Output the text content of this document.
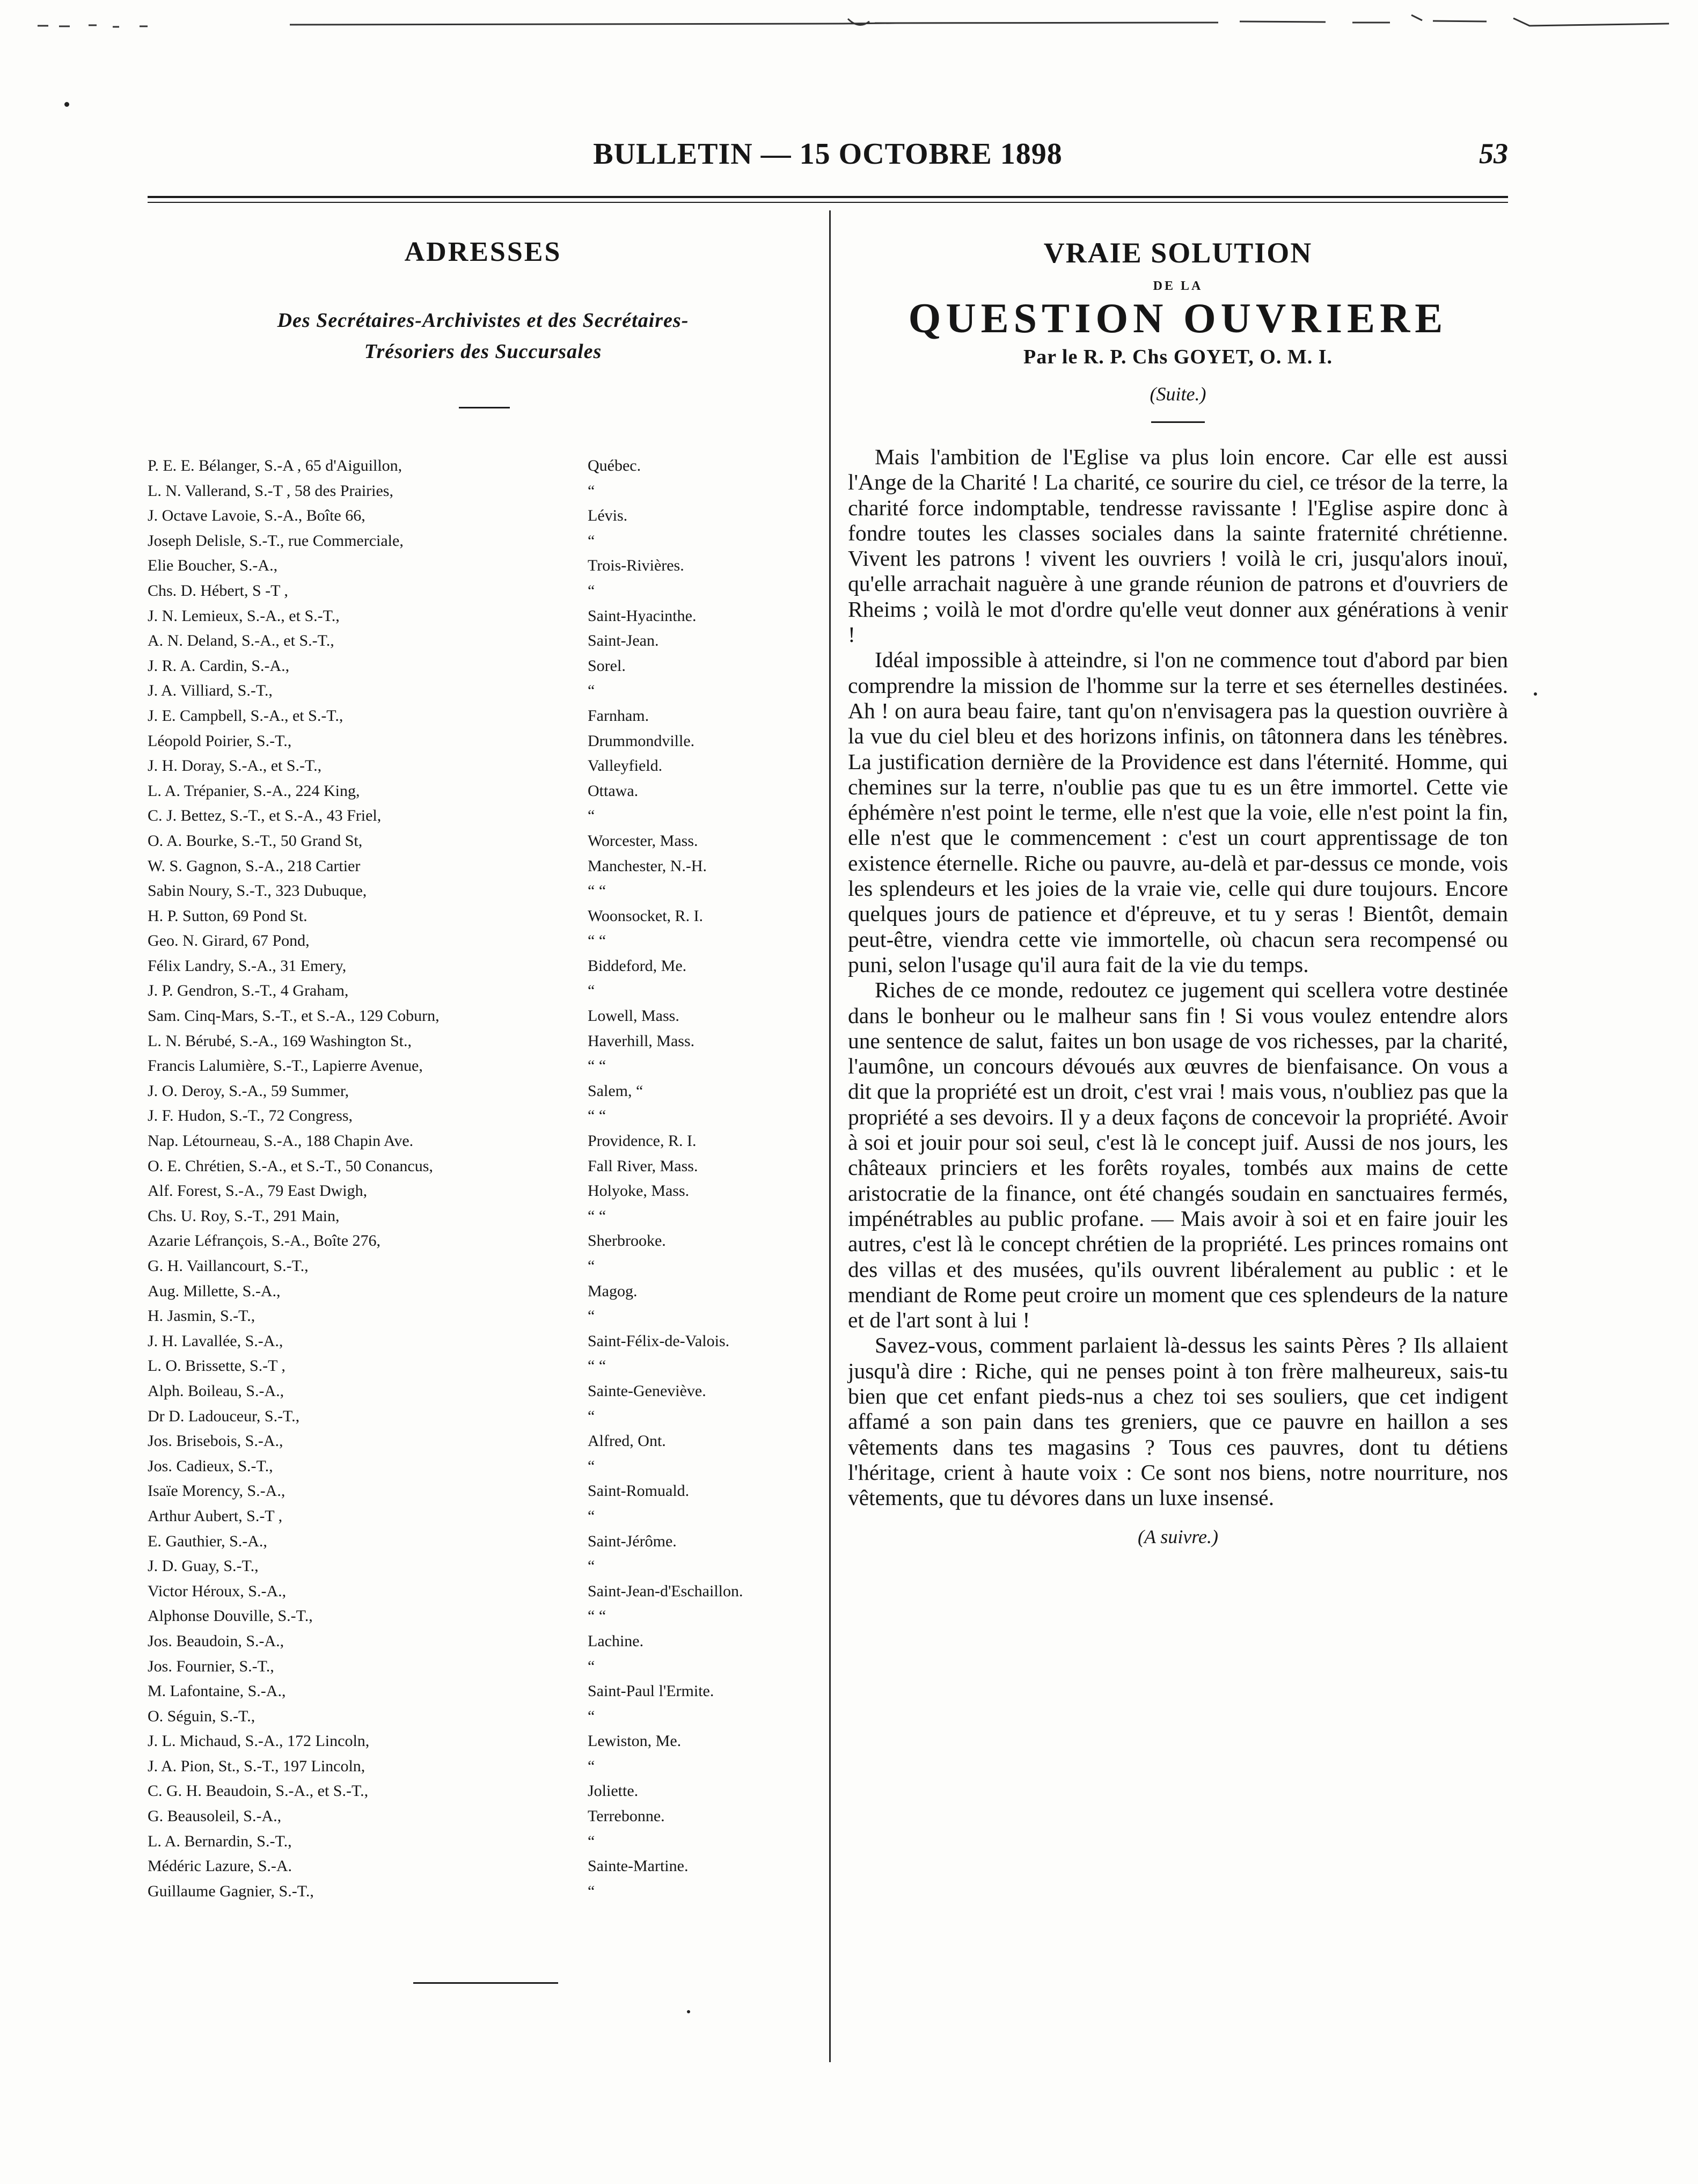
BULLETIN — 15 OCTOBRE 1898	53
ADRESSES
Des Secrétaires-Archivistes et des Secrétaires-
Trésoriers des Succursales
P. E. E. Bélanger, S.-A , 65 d'Aiguillon,	Québec.
L. N. Vallerand, S.-T , 58 des Prairies,	“
J. Octave Lavoie, S.-A., Boîte 66,	Lévis.
Joseph Delisle, S.-T., rue Commerciale,	“
Elie Boucher, S.-A.,	Trois-Rivières.
Chs. D. Hébert, S -T ,	“
J. N. Lemieux, S.-A., et S.-T.,	Saint-Hyacinthe.
A. N. Deland, S.-A., et S.-T.,	Saint-Jean.
J. R. A. Cardin, S.-A.,	Sorel.
J. A. Villiard, S.-T.,	“
J. E. Campbell, S.-A., et S.-T.,	Farnham.
Léopold Poirier, S.-T.,	Drummondville.
J. H. Doray, S.-A., et S.-T.,	Valleyfield.
L. A. Trépanier, S.-A., 224 King,	Ottawa.
C. J. Bettez, S.-T., et S.-A., 43 Friel,	“
O. A. Bourke, S.-T., 50 Grand St,	Worcester, Mass.
W. S. Gagnon, S.-A., 218 Cartier	Manchester, N.-H.
Sabin Noury, S.-T., 323 Dubuque,	“ “
H. P. Sutton, 69 Pond St.	Woonsocket, R. I.
Geo. N. Girard, 67 Pond,	“ “
Félix Landry, S.-A., 31 Emery,	Biddeford, Me.
J. P. Gendron, S.-T., 4 Graham,	“
Sam. Cinq-Mars, S.-T., et S.-A., 129 Coburn,	Lowell, Mass.
L. N. Bérubé, S.-A., 169 Washington St.,	Haverhill, Mass.
Francis Lalumière, S.-T., Lapierre Avenue,	“ “
J. O. Deroy, S.-A., 59 Summer,	Salem, “
J. F. Hudon, S.-T., 72 Congress,	“ “
Nap. Létourneau, S.-A., 188 Chapin Ave.	Providence, R. I.
O. E. Chrétien, S.-A., et S.-T., 50 Conancus,	Fall River, Mass.
Alf. Forest, S.-A., 79 East Dwigh,	Holyoke, Mass.
Chs. U. Roy, S.-T., 291 Main,	“ “
Azarie Léfrançois, S.-A., Boîte 276,	Sherbrooke.
G. H. Vaillancourt, S.-T.,	“
Aug. Millette, S.-A.,	Magog.
H. Jasmin, S.-T.,	“
J. H. Lavallée, S.-A.,	Saint-Félix-de-Valois.
L. O. Brissette, S.-T ,	“ “
Alph. Boileau, S.-A.,	Sainte-Geneviève.
Dr D. Ladouceur, S.-T.,	“
Jos. Brisebois, S.-A.,	Alfred, Ont.
Jos. Cadieux, S.-T.,	“
Isaïe Morency, S.-A.,	Saint-Romuald.
Arthur Aubert, S.-T ,	“
E. Gauthier, S.-A.,	Saint-Jérôme.
J. D. Guay, S.-T.,	“
Victor Héroux, S.-A.,	Saint-Jean-d'Eschaillon.
Alphonse Douville, S.-T.,	“ “
Jos. Beaudoin, S.-A.,	Lachine.
Jos. Fournier, S.-T.,	“
M. Lafontaine, S.-A.,	Saint-Paul l'Ermite.
O. Séguin, S.-T.,	“
J. L. Michaud, S.-A., 172 Lincoln,	Lewiston, Me.
J. A. Pion, St., S.-T., 197 Lincoln,	“
C. G. H. Beaudoin, S.-A., et S.-T.,	Joliette.
G. Beausoleil, S.-A.,	Terrebonne.
L. A. Bernardin, S.-T.,	“
Médéric Lazure, S.-A.	Sainte-Martine.
Guillaume Gagnier, S.-T.,	“
VRAIE SOLUTION
DE LA
QUESTION OUVRIERE
Par le R. P. Chs GOYET, O. M. I.
(Suite.)

Mais l'ambition de l'Eglise va plus loin encore. Car elle est aussi l'Ange de la Charité ! La charité, ce sourire du ciel, ce trésor de la terre, la charité force indomptable, tendresse ravissante ! l'Eglise aspire donc à fondre toutes les classes sociales dans la sainte fraternité chrétienne. Vivent les patrons ! vivent les ouvriers ! voilà le cri, jusqu'alors inouï, qu'elle arrachait naguère à une grande réunion de patrons et d'ouvriers de Rheims ; voilà le mot d'ordre qu'elle veut donner aux générations à venir !

Idéal impossible à atteindre, si l'on ne commence tout d'abord par bien comprendre la mission de l'homme sur la terre et ses éternelles destinées. Ah ! on aura beau faire, tant qu'on n'envisagera pas la question ouvrière à la vue du ciel bleu et des horizons infinis, on tâtonnera dans les ténèbres. La justification dernière de la Providence est dans l'éternité. Homme, qui chemines sur la terre, n'oublie pas que tu es un être immortel. Cette vie éphémère n'est point le terme, elle n'est que la voie, elle n'est point la fin, elle n'est que le commencement : c'est un court apprentissage de ton existence éternelle. Riche ou pauvre, au-delà et par-dessus ce monde, vois les splendeurs et les joies de la vraie vie, celle qui dure toujours. Encore quelques jours de patience et d'épreuve, et tu y seras ! Bientôt, demain peut-être, viendra cette vie immortelle, où chacun sera recompensé ou puni, selon l'usage qu'il aura fait de la vie du temps.

Riches de ce monde, redoutez ce jugement qui scellera votre destinée dans le bonheur ou le malheur sans fin ! Si vous voulez entendre alors une sentence de salut, faites un bon usage de vos richesses, par la charité, l'aumône, un concours dévoués aux œuvres de bienfaisance. On vous a dit que la propriété est un droit, c'est vrai ! mais vous, n'oubliez pas que la propriété a ses devoirs. Il y a deux façons de concevoir la propriété. Avoir à soi et jouir pour soi seul, c'est là le concept juif. Aussi de nos jours, les châteaux princiers et les forêts royales, tombés aux mains de cette aristocratie de la finance, ont été changés soudain en sanctuaires fermés, impénétrables au public profane. — Mais avoir à soi et en faire jouir les autres, c'est là le concept chrétien de la propriété. Les princes romains ont des villas et des musées, qu'ils ouvrent libéralement au public : et le mendiant de Rome peut croire un moment que ces splendeurs de la nature et de l'art sont à lui !

Savez-vous, comment parlaient là-dessus les saints Pères ? Ils allaient jusqu'à dire : Riche, qui ne penses point à ton frère malheureux, sais-tu bien que cet enfant pieds-nus a chez toi ses souliers, que cet indigent affamé a son pain dans tes greniers, que ce pauvre en haillon a ses vêtements dans tes magasins ? Tous ces pauvres, dont tu détiens l'héritage, crient à haute voix : Ce sont nos biens, notre nourriture, nos vêtements, que tu dévores dans un luxe insensé.

(A suivre.)
